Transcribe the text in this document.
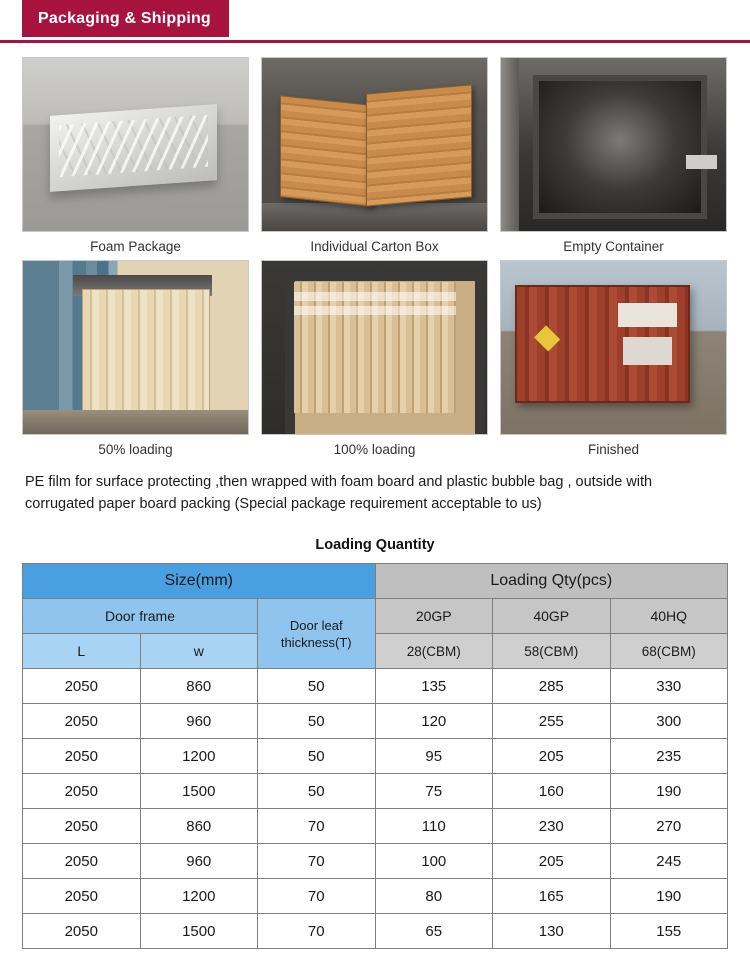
Packaging & Shipping
Foam Package	Individual Carton Box	Empty Container
50% loading	100% loading	Finished
PE film for surface protecting ,then wrapped with foam board and plastic bubble bag , outside with corrugated paper board packing (Special package requirement acceptable to us)
Loading Quantity
Size(mm)			Loading Qty(pcs)		
Door frame		Door leaf thickness(T)	20GP	40GP	40HQ
L	w		28(CBM)	58(CBM)	68(CBM)
2050	860	50	135	285	330
2050	960	50	120	255	300
2050	1200	50	95	205	235
2050	1500	50	75	160	190
2050	860	70	110	230	270
2050	960	70	100	205	245
2050	1200	70	80	165	190
2050	1500	70	65	130	155
